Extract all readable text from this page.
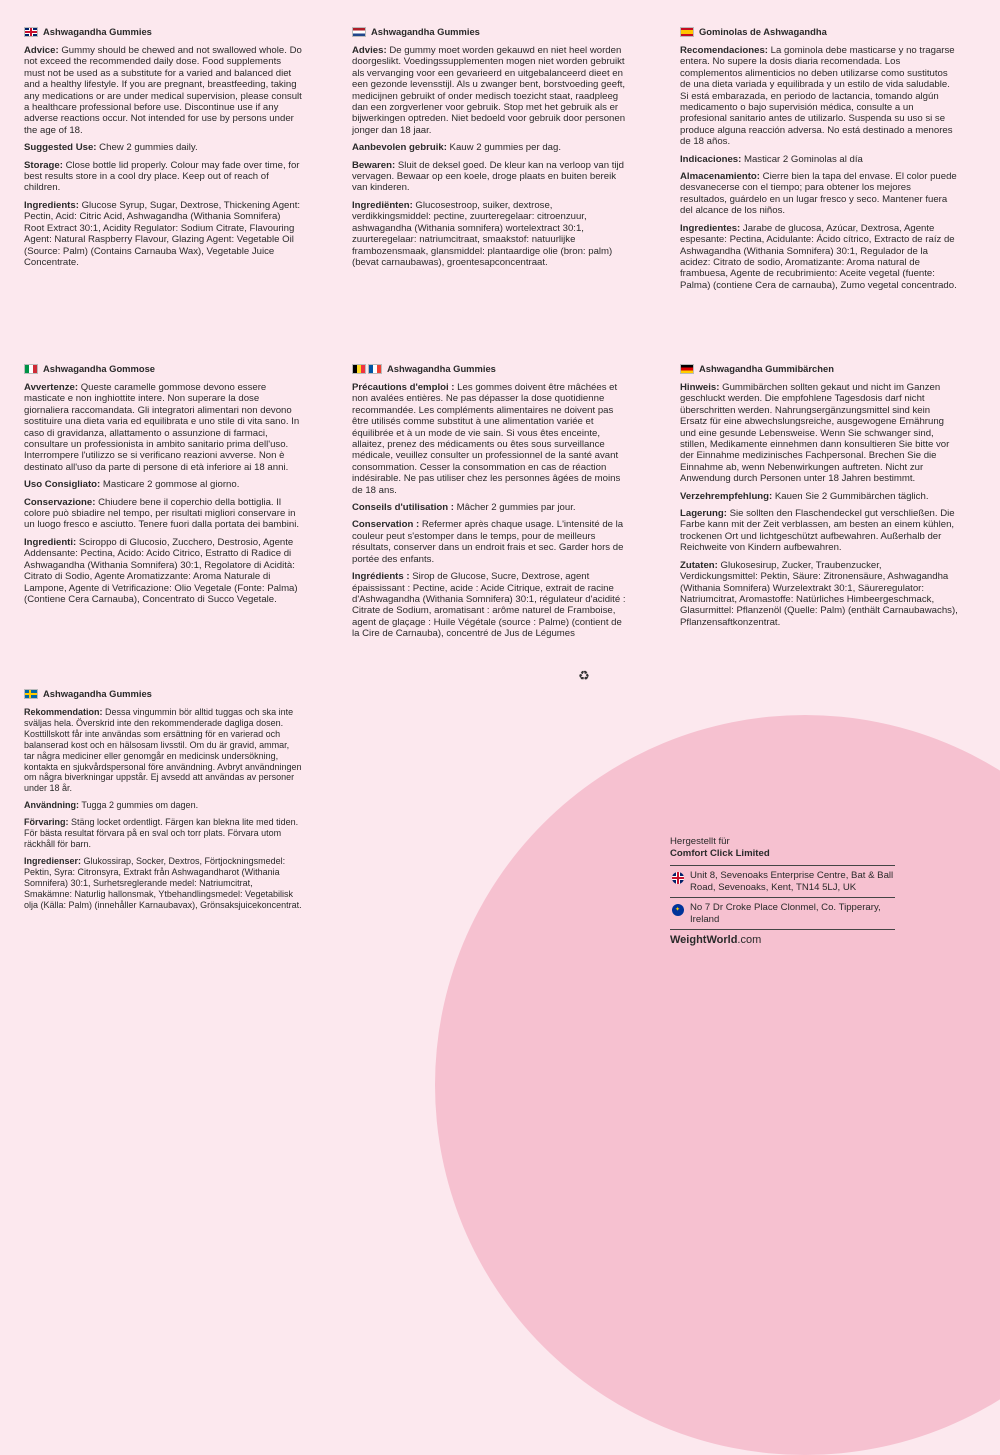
Ashwagandha Gummies

Advice: Gummy should be chewed and not swallowed whole. Do not exceed the recommended daily dose. Food supplements must not be used as a substitute for a varied and balanced diet and a healthy lifestyle. If you are pregnant, breastfeeding, taking any medications or are under medical supervision, please consult a healthcare professional before use. Discontinue use if any adverse reactions occur. Not intended for use by persons under the age of 18.

Suggested Use: Chew 2 gummies daily.

Storage: Close bottle lid properly. Colour may fade over time, for best results store in a cool dry place. Keep out of reach of children.

Ingredients: Glucose Syrup, Sugar, Dextrose, Thickening Agent: Pectin, Acid: Citric Acid, Ashwagandha (Withania Somnifera) Root Extract 30:1, Acidity Regulator: Sodium Citrate, Flavouring Agent: Natural Raspberry Flavour, Glazing Agent: Vegetable Oil (Source: Palm) (Contains Carnauba Wax), Vegetable Juice Concentrate.

Ashwagandha Gummies

Advies: De gummy moet worden gekauwd en niet heel worden doorgeslikt. Voedingssupplementen mogen niet worden gebruikt als vervanging voor een gevarieerd en uitgebalanceerd dieet en een gezonde levensstijl. Als u zwanger bent, borstvoeding geeft, medicijnen gebruikt of onder medisch toezicht staat, raadpleeg dan een zorgverlener voor gebruik. Stop met het gebruik als er bijwerkingen optreden. Niet bedoeld voor gebruik door personen jonger dan 18 jaar.

Aanbevolen gebruik: Kauw 2 gummies per dag.

Bewaren: Sluit de deksel goed. De kleur kan na verloop van tijd vervagen. Bewaar op een koele, droge plaats en buiten bereik van kinderen.

Ingrediënten: Glucosestroop, suiker, dextrose, verdikkingsmiddel: pectine, zuurteregelaar: citroenzuur, ashwagandha (Withania somnifera) wortelextract 30:1, zuurteregelaar: natriumcitraat, smaakstof: natuurlijke frambozensmaak, glansmiddel: plantaardige olie (bron: palm) (bevat carnaubawas), groentesapconcentraat.

Gominolas de Ashwagandha

Recomendaciones: La gominola debe masticarse y no tragarse entera. No supere la dosis diaria recomendada. Los complementos alimenticios no deben utilizarse como sustitutos de una dieta variada y equilibrada y un estilo de vida saludable. Si está embarazada, en periodo de lactancia, tomando algún medicamento o bajo supervisión médica, consulte a un profesional sanitario antes de utilizarlo. Suspenda su uso si se produce alguna reacción adversa. No está destinado a menores de 18 años.

Indicaciones: Masticar 2 Gominolas al día

Almacenamiento: Cierre bien la tapa del envase. El color puede desvanecerse con el tiempo; para obtener los mejores resultados, guárdelo en un lugar fresco y seco. Mantener fuera del alcance de los niños.

Ingredientes: Jarabe de glucosa, Azúcar, Dextrosa, Agente espesante: Pectina, Acidulante: Ácido cítrico, Extracto de raíz de Ashwagandha (Withania Somnifera) 30:1, Regulador de la acidez: Citrato de sodio, Aromatizante: Aroma natural de frambuesa, Agente de recubrimiento: Aceite vegetal (fuente: Palma) (contiene Cera de carnauba), Zumo vegetal concentrado.

Ashwagandha Gommose

Avvertenze: Queste caramelle gommose devono essere masticate e non inghiottite intere. Non superare la dose giornaliera raccomandata. Gli integratori alimentari non devono sostituire una dieta varia ed equilibrata e uno stile di vita sano. In caso di gravidanza, allattamento o assunzione di farmaci, consultare un professionista in ambito sanitario prima dell'uso. Interrompere l'utilizzo se si verificano reazioni avverse. Non è destinato all'uso da parte di persone di età inferiore ai 18 anni.

Uso Consigliato: Masticare 2 gommose al giorno.

Conservazione: Chiudere bene il coperchio della bottiglia. Il colore può sbiadire nel tempo, per risultati migliori conservare in un luogo fresco e asciutto. Tenere fuori dalla portata dei bambini.

Ingredienti: Sciroppo di Glucosio, Zucchero, Destrosio, Agente Addensante: Pectina, Acido: Acido Citrico, Estratto di Radice di Ashwagandha (Withania Somnifera) 30:1, Regolatore di Acidità: Citrato di Sodio, Agente Aromatizzante: Aroma Naturale di Lampone, Agente di Vetrificazione: Olio Vegetale (Fonte: Palma) (Contiene Cera Carnauba), Concentrato di Succo Vegetale.

Ashwagandha Gummies

Précautions d'emploi : Les gommes doivent être mâchées et non avalées entières. Ne pas dépasser la dose quotidienne recommandée. Les compléments alimentaires ne doivent pas être utilisés comme substitut à une alimentation variée et équilibrée et à un mode de vie sain. Si vous êtes enceinte, allaitez, prenez des médicaments ou êtes sous surveillance médicale, veuillez consulter un professionnel de la santé avant consommation. Cesser la consommation en cas de réaction indésirable. Ne pas utiliser chez les personnes âgées de moins de 18 ans.

Conseils d'utilisation : Mâcher 2 gummies par jour.

Conservation : Refermer après chaque usage. L'intensité de la couleur peut s'estomper dans le temps, pour de meilleurs résultats, conserver dans un endroit frais et sec. Garder hors de portée des enfants.

Ingrédients : Sirop de Glucose, Sucre, Dextrose, agent épaississant : Pectine, acide : Acide Citrique, extrait de racine d'Ashwagandha (Withania Somnifera) 30:1, régulateur d'acidité : Citrate de Sodium, aromatisant : arôme naturel de Framboise, agent de glaçage : Huile Végétale (source : Palme) (contient de la Cire de Carnauba), concentré de Jus de Légumes

♻
Ashwagandha Gummibärchen

Hinweis: Gummibärchen sollten gekaut und nicht im Ganzen geschluckt werden. Die empfohlene Tagesdosis darf nicht überschritten werden. Nahrungsergänzungsmittel sind kein Ersatz für eine abwechslungsreiche, ausgewogene Ernährung und eine gesunde Lebensweise. Wenn Sie schwanger sind, stillen, Medikamente einnehmen dann konsultieren Sie bitte vor der Einnahme medizinisches Fachpersonal. Brechen Sie die Einnahme ab, wenn Nebenwirkungen auftreten. Nicht zur Anwendung durch Personen unter 18 Jahren bestimmt.

Verzehrempfehlung: Kauen Sie 2 Gummibärchen täglich.

Lagerung: Sie sollten den Flaschendeckel gut verschließen. Die Farbe kann mit der Zeit verblassen, am besten an einem kühlen, trockenen Ort und lichtgeschützt aufbewahren. Außerhalb der Reichweite von Kindern aufbewahren.

Zutaten: Glukosesirup, Zucker, Traubenzucker, Verdickungsmittel: Pektin, Säure: Zitronensäure, Ashwagandha (Withania Somnifera) Wurzelextrakt 30:1, Säureregulator: Natriumcitrat, Aromastoffe: Natürliches Himbeergeschmack, Glasurmittel: Pflanzenöl (Quelle: Palm) (enthält Carnaubawachs), Pflanzensaftkonzentrat.

Ashwagandha Gummies

Rekommendation: Dessa vingummin bör alltid tuggas och ska inte sväljas hela. Överskrid inte den rekommenderade dagliga dosen. Kosttillskott får inte användas som ersättning för en varierad och balanserad kost och en hälsosam livsstil. Om du är gravid, ammar, tar några mediciner eller genomgår en medicinsk undersökning, kontakta en sjukvårdspersonal före användning. Avbryt användningen om några biverkningar uppstår. Ej avsedd att användas av personer under 18 år.

Användning: Tugga 2 gummies om dagen.

Förvaring: Stäng locket ordentligt. Färgen kan blekna lite med tiden. För bästa resultat förvara på en sval och torr plats. Förvara utom räckhåll för barn.

Ingredienser: Glukossirap, Socker, Dextros, Förtjockningsmedel: Pektin, Syra: Citronsyra, Extrakt från Ashwagandharot (Withania Somnifera) 30:1, Surhetsreglerande medel: Natriumcitrat, Smakämne: Naturlig hallonsmak, Ytbehandlingsmedel: Vegetabilisk olja (Källa: Palm) (innehåller Karnaubavax), Grönsaksjuicekoncentrat.

Hergestellt für

Comfort Click Limited

Unit 8, Sevenoaks Enterprise Centre, Bat & Ball Road, Sevenoaks, Kent, TN14 5LJ, UK
✦
No 7 Dr Croke Place Clonmel, Co. Tipperary, Ireland
WeightWorld.com
